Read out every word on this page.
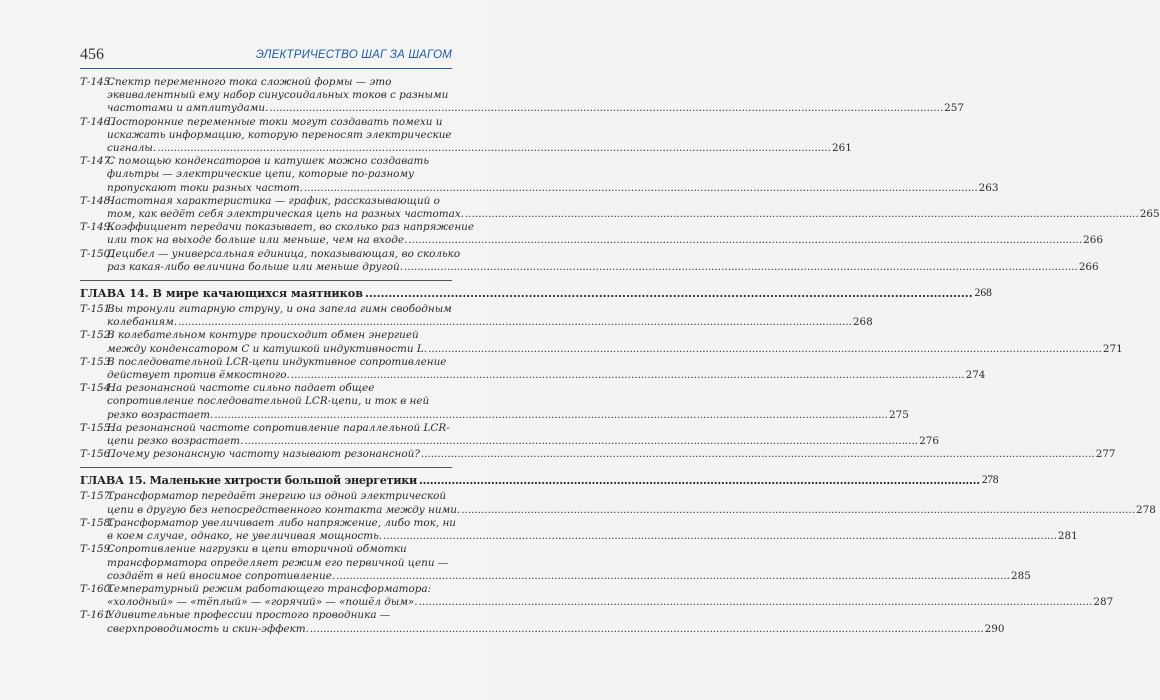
456	ЭЛЕКТРИЧЕСТВО ШАГ ЗА ШАГОМ
Т-145.
Спектр переменного тока сложной формы — это
эквивалентный ему набор синусоидальных токов с разными
частотами и амплитудами. .....	257
Т-146.
Посторонние переменные токи могут создавать помехи и
искажать информацию, которую переносят электрические
сигналы. .....	261
Т-147.
С помощью конденсаторов и катушек можно создавать
фильтры — электрические цепи, которые по-разному
пропускают токи разных частот. .....	263
Т-148.
Частотная характеристика — график, рассказывающий о
том, как ведёт себя электрическая цепь на разных частотах. .....	265
Т-149.
Коэффициент передачи показывает, во сколько раз напряжение
или ток на выходе больше или меньше, чем на входе. .....	266
Т-150.
Децибел — универсальная единица, показывающая, во сколько
раз какая-либо величина больше или меньше другой. .....	266
ГЛАВА 14. В мире качающихся маятников .....	268
Т-151.
Вы тронули гитарную струну, и она запела гимн свободным
колебаниям. .....	268
Т-152.
В колебательном контуре происходит обмен энергией
между конденсатором C и катушкой индуктивности L. .....	271
Т-153.
В последовательной LCR-цепи индуктивное сопротивление
действует против ёмкостного. .....	274
Т-154.
На резонансной частоте сильно падает общее
сопротивление последовательной LCR-цепи, и ток в ней
резко возрастает. .....	275
Т-155.
На резонансной частоте сопротивление параллельной LCR-
цепи резко возрастает. .....	276
Т-156.
Почему резонансную частоту называют резонансной? .....	277
ГЛАВА 15. Маленькие хитрости большой энергетики .....	278
Т-157.
Трансформатор передаёт энергию из одной электрической
цепи в другую без непосредственного контакта между ними. .....	278
Т-158.
Трансформатор увеличивает либо напряжение, либо ток, ни
в коем случае, однако, не увеличивая мощность. .....	281
Т-159.
Сопротивление нагрузки в цепи вторичной обмотки
трансформатора определяет режим его первичной цепи —
создаёт в ней вносимое сопротивление. .....	285
Т-160.
Температурный режим работающего трансформатора:
«холодный» — «тёплый» — «горячий» — «пошёл дым». .....	287
Т-161.
Удивительные профессии простого проводника —
сверхпроводимость и скин-эффект. .....	290
